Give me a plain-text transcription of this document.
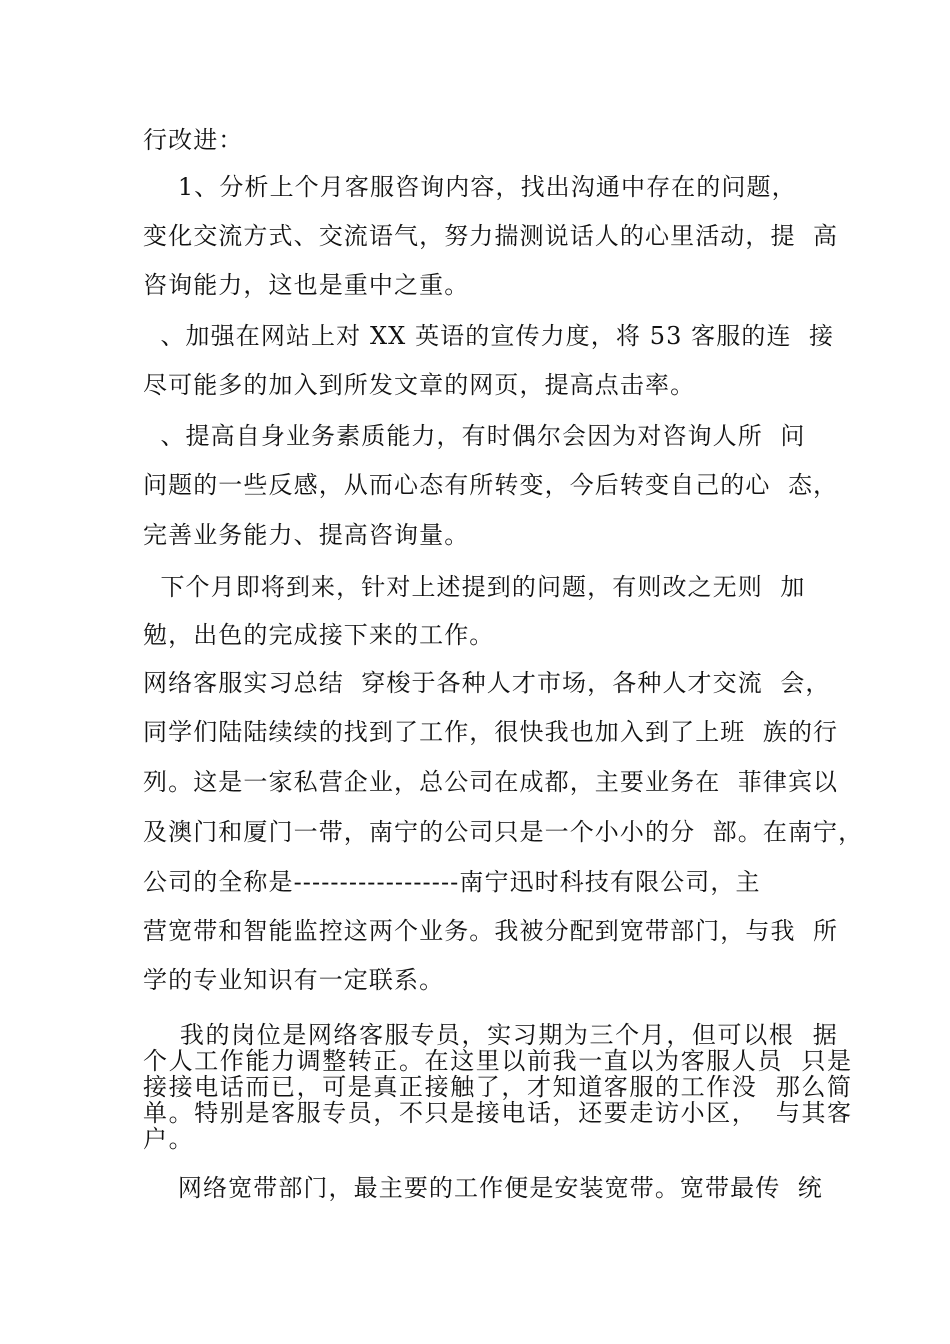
行改进：
1、分析上个月客服咨询内容，找出沟通中存在的问题，
变化交流方式、交流语气，努力揣测说话人的心里活动，提  高
咨询能力，这也是重中之重。
、加强在网站上对 XX 英语的宣传力度，将 53 客服的连  接
尽可能多的加入到所发文章的网页，提高点击率。
、提高自身业务素质能力，有时偶尔会因为对咨询人所  问
问题的一些反感，从而心态有所转变，今后转变自己的心  态，
完善业务能力、提高咨询量。
下个月即将到来，针对上述提到的问题，有则改之无则  加
勉，出色的完成接下来的工作。
网络客服实习总结  穿梭于各种人才市场，各种人才交流  会，
同学们陆陆续续的找到了工作，很快我也加入到了上班  族的行
列。这是一家私营企业，总公司在成都，主要业务在  菲律宾以
及澳门和厦门一带，南宁的公司只是一个小小的分  部。在南宁，
公司的全称是------------------南宁迅时科技有限公司，主
营宽带和智能监控这两个业务。我被分配到宽带部门，与我  所
学的专业知识有一定联系。
我的岗位是网络客服专员，实习期为三个月，但可以根  据
个人工作能力调整转正。在这里以前我一直以为客服人员  只是
接接电话而已，可是真正接触了，才知道客服的工作没  那么简
单。特别是客服专员，不只是接电话，还要走访小区，  与其客
户。
网络宽带部门，最主要的工作便是安装宽带。宽带最传  统
